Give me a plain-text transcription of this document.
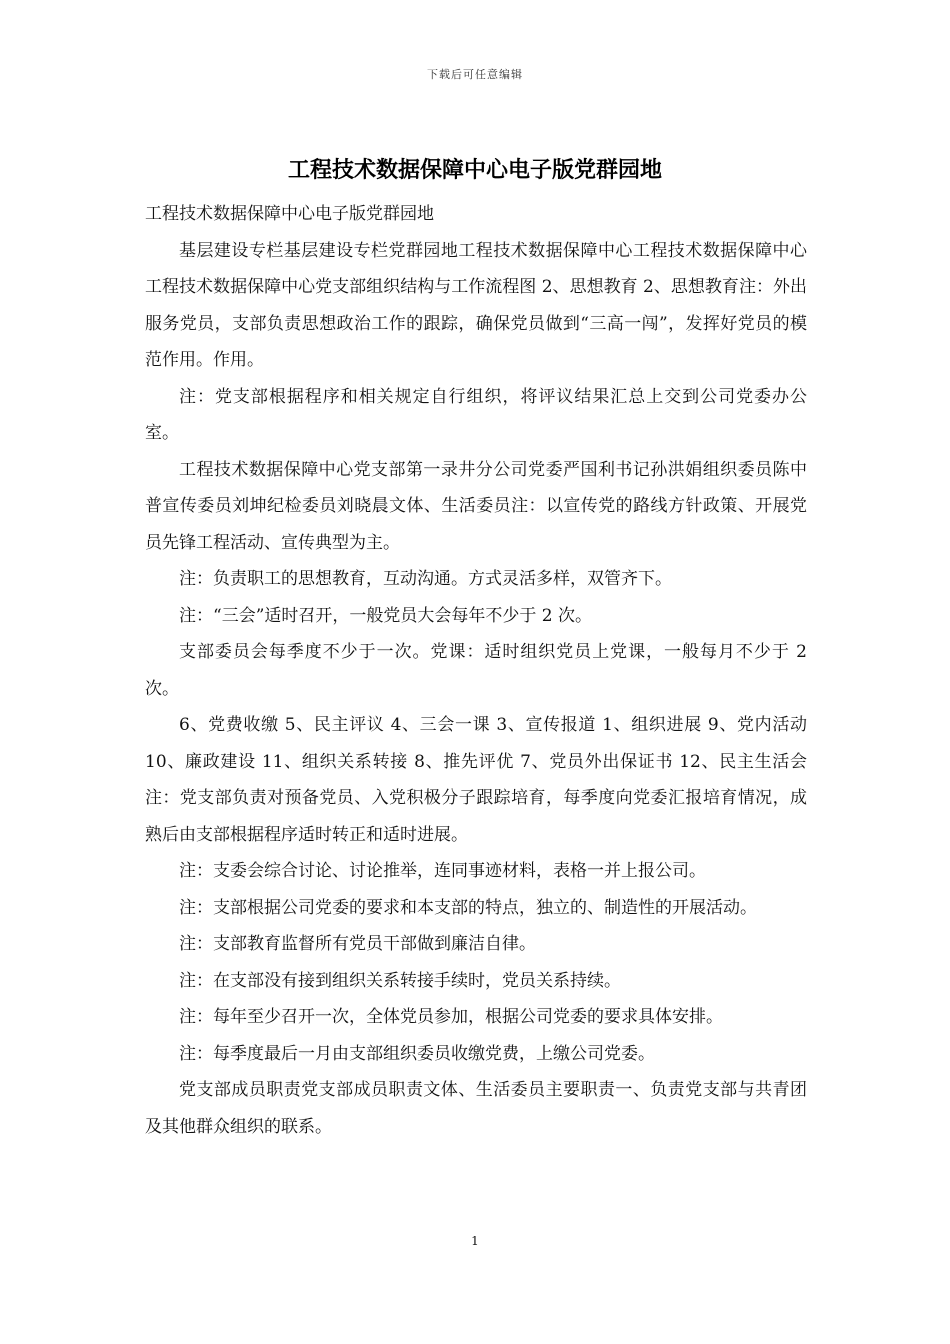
下载后可任意编辑
工程技术数据保障中心电子版党群园地

工程技术数据保障中心电子版党群园地

基层建设专栏基层建设专栏党群园地工程技术数据保障中心工程技术数据保障中心工程技术数据保障中心党支部组织结构与工作流程图 2、思想教育 2、思想教育注：外出服务党员，支部负责思想政治工作的跟踪，确保党员做到“三高一闯”，发挥好党员的模范作用。作用。

注：党支部根据程序和相关规定自行组织，将评议结果汇总上交到公司党委办公室。

工程技术数据保障中心党支部第一录井分公司党委严国利书记孙洪娟组织委员陈中普宣传委员刘坤纪检委员刘晓晨文体、生活委员注：以宣传党的路线方针政策、开展党员先锋工程活动、宣传典型为主。

注：负责职工的思想教育，互动沟通。方式灵活多样，双管齐下。

注：“三会”适时召开，一般党员大会每年不少于 2 次。

支部委员会每季度不少于一次。党课：适时组织党员上党课，一般每月不少于 2 次。

6、党费收缴 5、民主评议 4、三会一课 3、宣传报道 1、组织进展 9、党内活动 10、廉政建设 11、组织关系转接 8、推先评优 7、党员外出保证书 12、民主生活会注：党支部负责对预备党员、入党积极分子跟踪培育，每季度向党委汇报培育情况，成熟后由支部根据程序适时转正和适时进展。

注：支委会综合讨论、讨论推举，连同事迹材料，表格一并上报公司。

注：支部根据公司党委的要求和本支部的特点，独立的、制造性的开展活动。

注：支部教育监督所有党员干部做到廉洁自律。

注：在支部没有接到组织关系转接手续时，党员关系持续。

注：每年至少召开一次，全体党员参加，根据公司党委的要求具体安排。

注：每季度最后一月由支部组织委员收缴党费，上缴公司党委。

党支部成员职责党支部成员职责文体、生活委员主要职责一、负责党支部与共青团及其他群众组织的联系。

1
